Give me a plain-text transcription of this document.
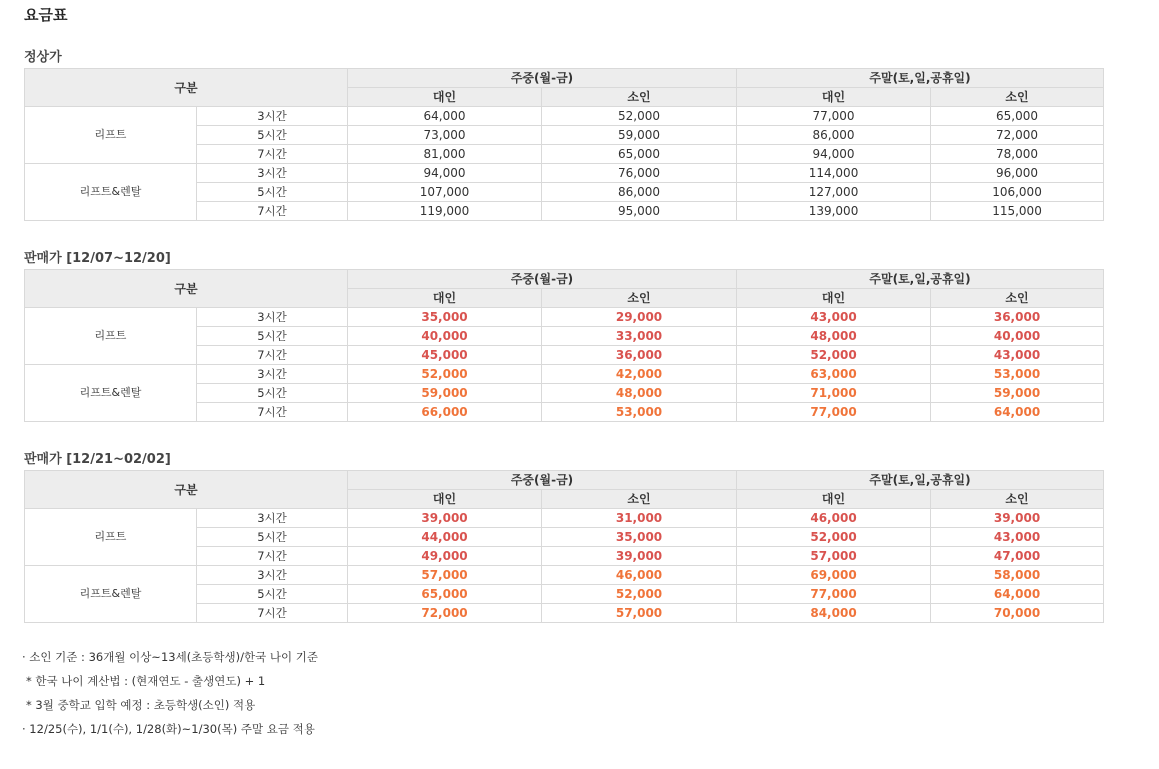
요금표
정상가
구분		주중(월-금)		주말(토,일,공휴일)	
		대인	소인	대인	소인
리프트	3시간	64,000	52,000	77,000	65,000
	5시간	73,000	59,000	86,000	72,000
	7시간	81,000	65,000	94,000	78,000
리프트&렌탈	3시간	94,000	76,000	114,000	96,000
	5시간	107,000	86,000	127,000	106,000
	7시간	119,000	95,000	139,000	115,000
판매가 [12/07~12/20]
구분		주중(월-금)		주말(토,일,공휴일)	
		대인	소인	대인	소인
리프트	3시간	35,000	29,000	43,000	36,000
	5시간	40,000	33,000	48,000	40,000
	7시간	45,000	36,000	52,000	43,000
리프트&렌탈	3시간	52,000	42,000	63,000	53,000
	5시간	59,000	48,000	71,000	59,000
	7시간	66,000	53,000	77,000	64,000
판매가 [12/21~02/02]
구분		주중(월-금)		주말(토,일,공휴일)	
		대인	소인	대인	소인
리프트	3시간	39,000	31,000	46,000	39,000
	5시간	44,000	35,000	52,000	43,000
	7시간	49,000	39,000	57,000	47,000
리프트&렌탈	3시간	57,000	46,000	69,000	58,000
	5시간	65,000	52,000	77,000	64,000
	7시간	72,000	57,000	84,000	70,000
· 소인 기준 : 36개월 이상~13세(초등학생)/한국 나이 기준
* 한국 나이 계산법 : (현재연도 - 출생연도) + 1
* 3월 중학교 입학 예정 : 초등학생(소인) 적용
· 12/25(수), 1/1(수), 1/28(화)~1/30(목) 주말 요금 적용
